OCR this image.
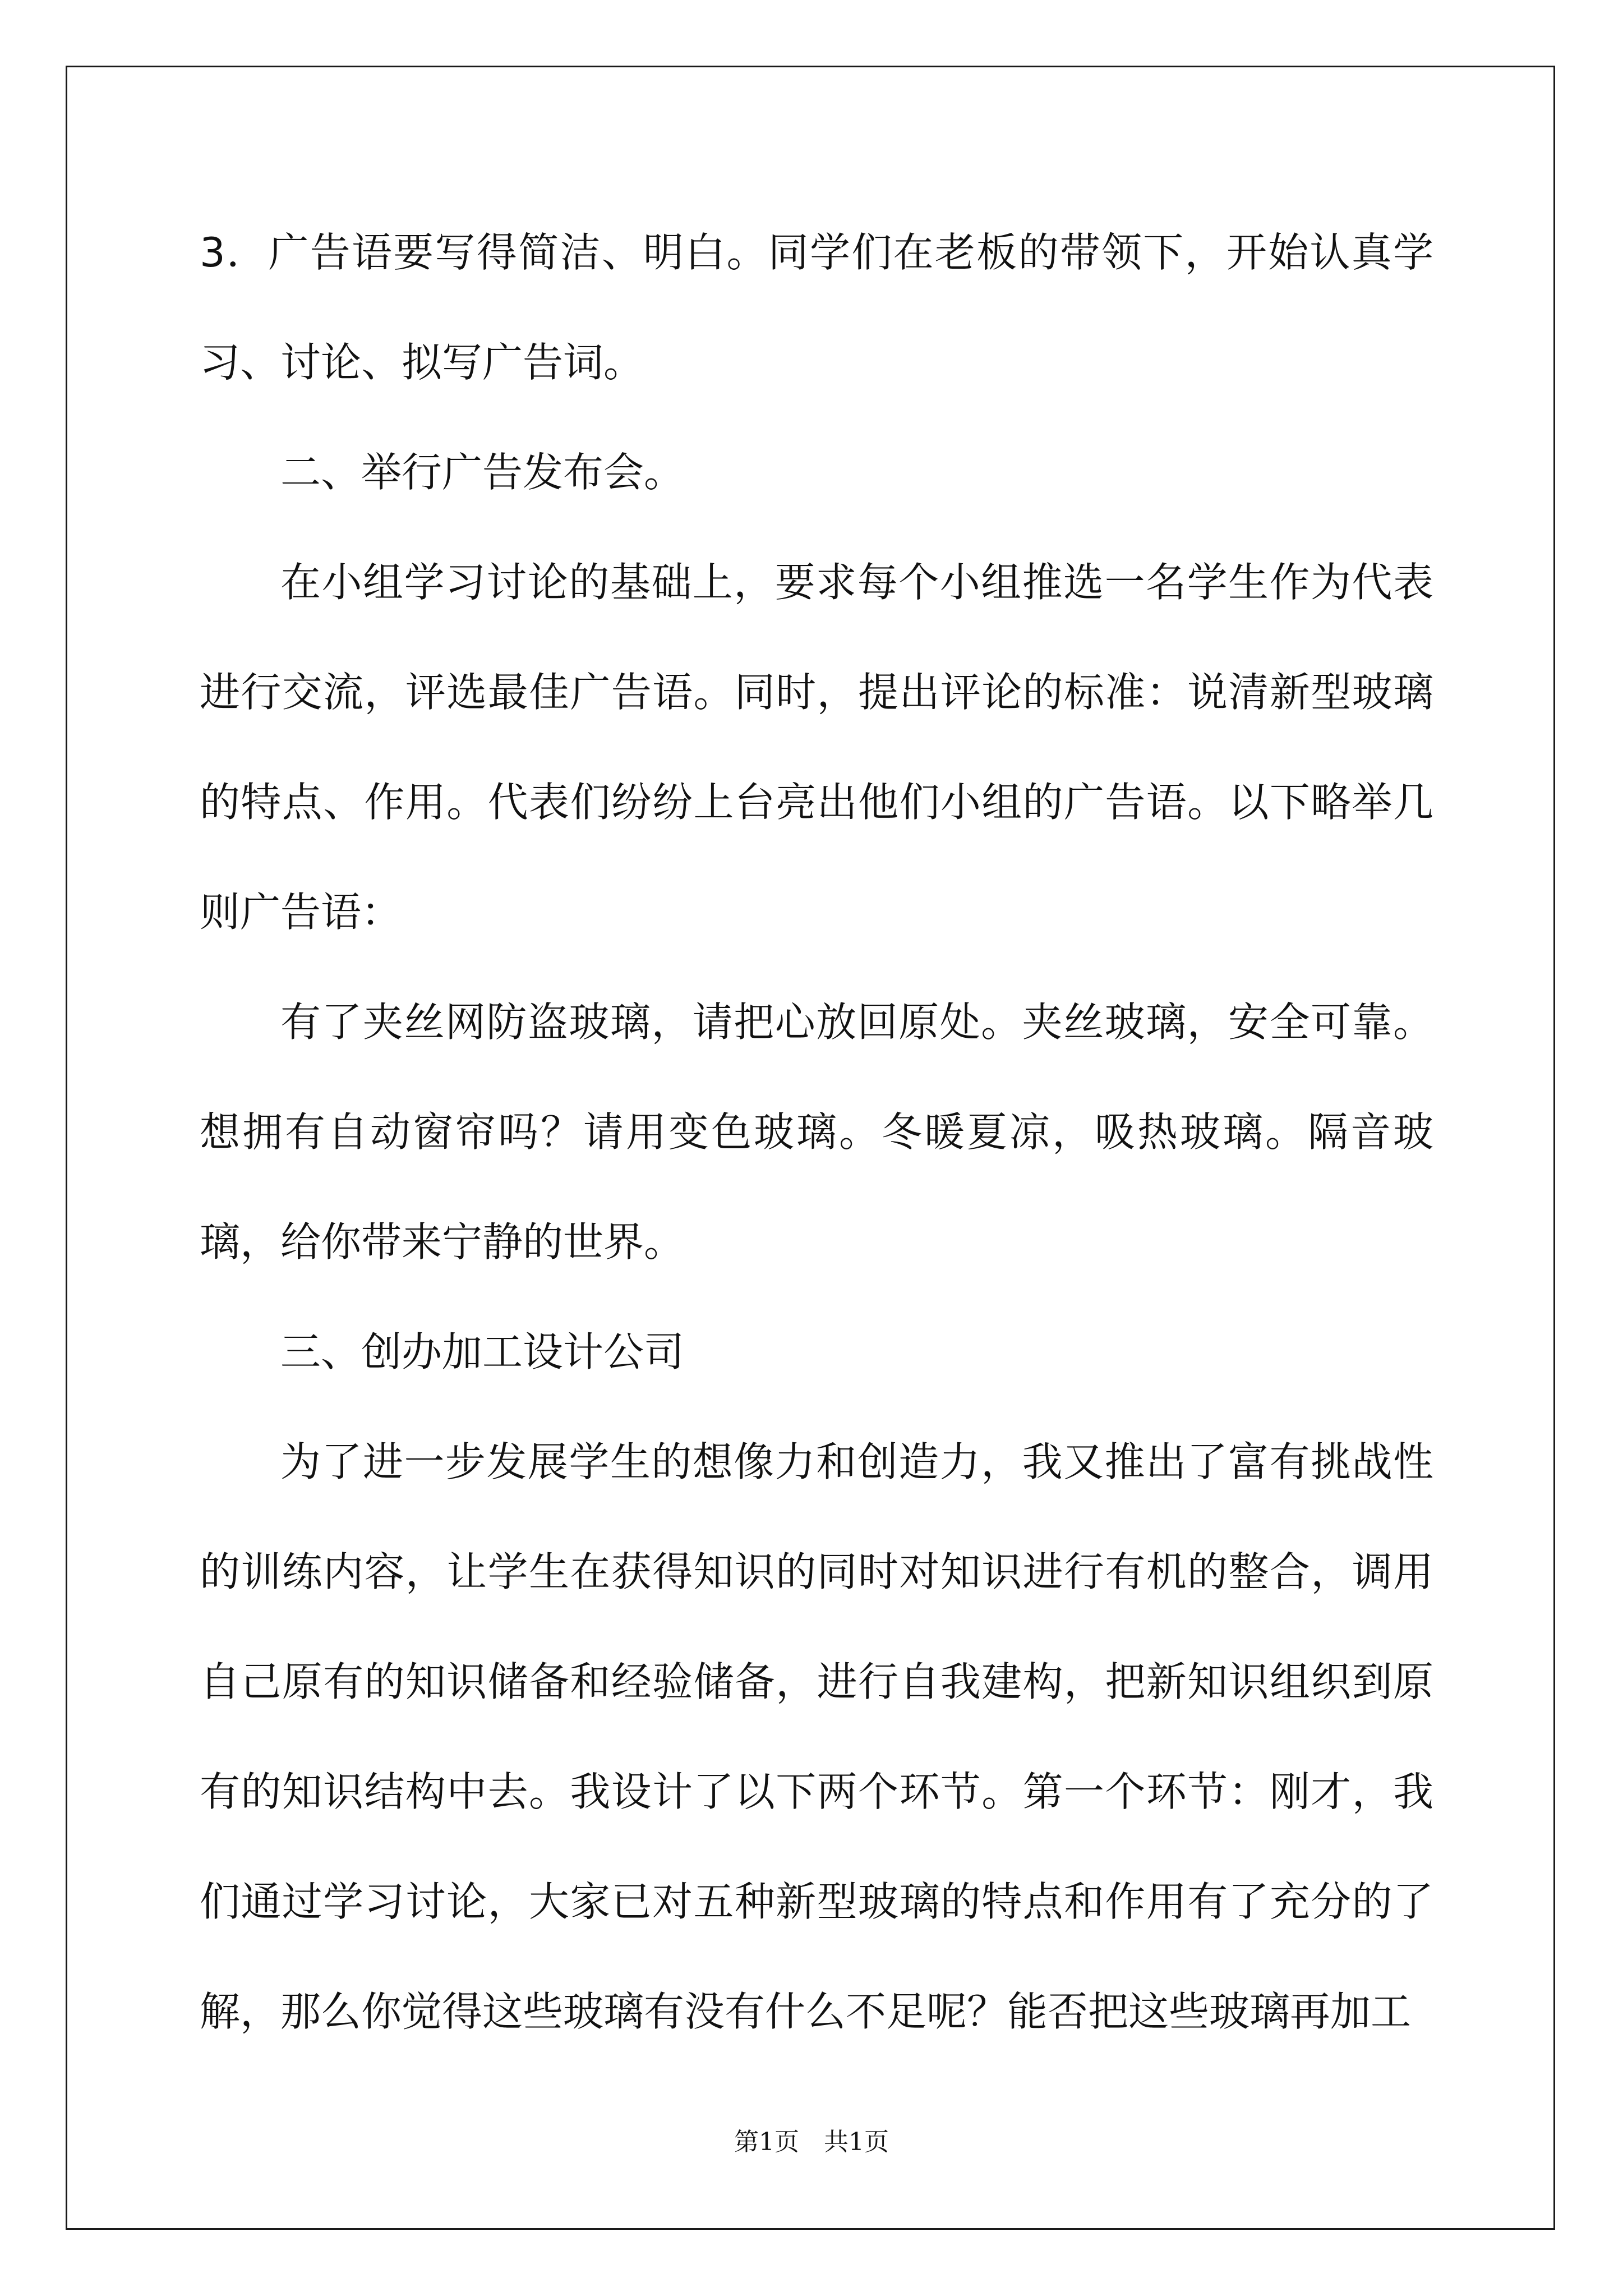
3．广告语要写得简洁、明白。同学们在老板的带领下，开始认真学习、讨论、拟写广告词。

二、举行广告发布会。

在小组学习讨论的基础上，要求每个小组推选一名学生作为代表进行交流，评选最佳广告语。同时，提出评论的标准：说清新型玻璃的特点、作用。代表们纷纷上台亮出他们小组的广告语。以下略举几则广告语：

有了夹丝网防盗玻璃，请把心放回原处。夹丝玻璃，安全可靠。想拥有自动窗帘吗？请用变色玻璃。冬暖夏凉，吸热玻璃。隔音玻璃，给你带来宁静的世界。

三、创办加工设计公司

为了进一步发展学生的想像力和创造力，我又推出了富有挑战性的训练内容，让学生在获得知识的同时对知识进行有机的整合，调用自己原有的知识储备和经验储备，进行自我建构，把新知识组织到原有的知识结构中去。我设计了以下两个环节。第一个环节：刚才，我们通过学习讨论，大家已对五种新型玻璃的特点和作用有了充分的了解，那么你觉得这些玻璃有没有什么不足呢？能否把这些玻璃再加工

第1页　共1页
